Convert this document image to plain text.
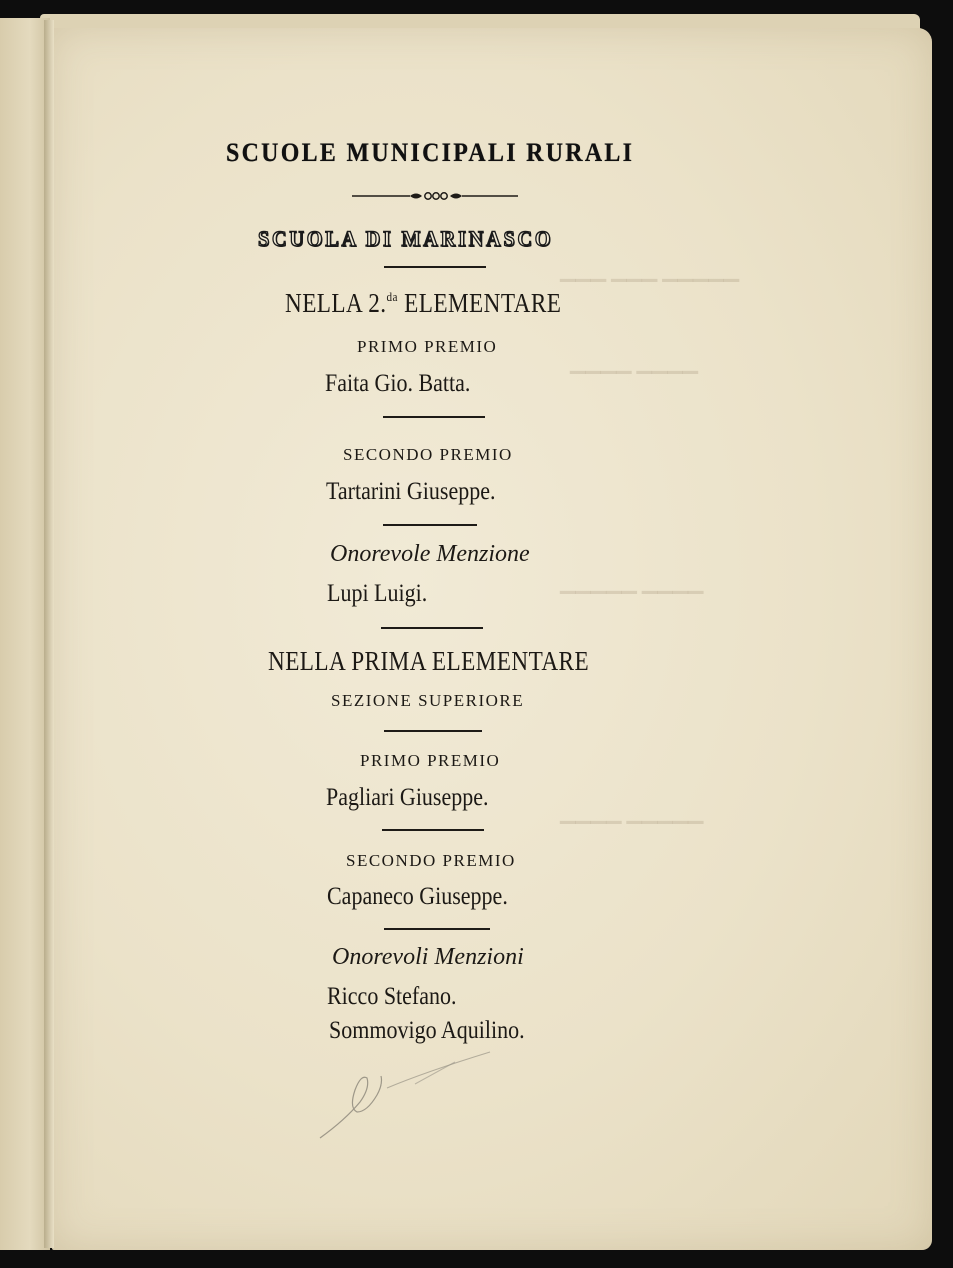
▁▁▁ ▁▁▁ ▁▁▁▁▁
▁▁▁▁ ▁▁▁▁
▁▁▁▁▁ ▁▁▁▁
▁▁▁▁ ▁▁▁▁▁
SCUOLE MUNICIPALI RURALI
SCUOLA DI MARINASCO
NELLA 2.$^{da}$ ELEMENTARE
PRIMO PREMIO
Faita Gio. Batta.
SECONDO PREMIO
Tartarini Giuseppe.
Onorevole Menzione
Lupi Luigi.
NELLA PRIMA ELEMENTARE
SEZIONE SUPERIORE
PRIMO PREMIO
Pagliari Giuseppe.
SECONDO PREMIO
Capaneco Giuseppe.
Onorevoli Menzioni
Ricco Stefano.
Sommovigo Aquilino.
